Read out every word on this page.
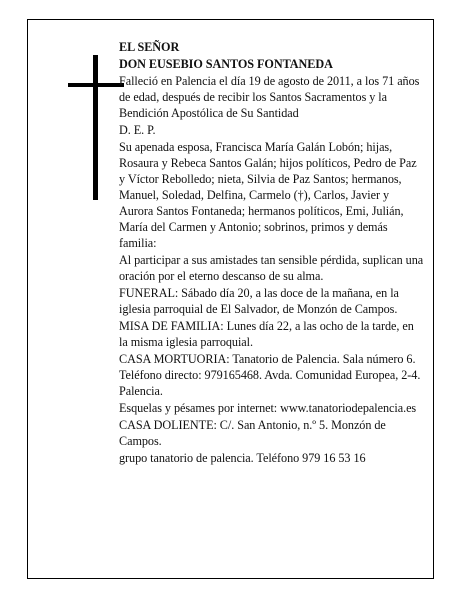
EL SEÑOR

DON EUSEBIO SANTOS FONTANEDA

Falleció en Palencia el día 19 de agosto de 2011, a los 71 años de edad, después de recibir los Santos Sacramentos y la Bendición Apostólica de Su Santidad

D. E. P.

Su apenada esposa, Francisca María Galán Lobón; hijas, Rosaura y Rebeca Santos Galán; hijos políticos, Pedro de Paz y Víctor Rebolledo; nieta, Silvia de Paz Santos; hermanos, Manuel, Soledad, Delfina, Carmelo (†), Carlos, Javier y Aurora Santos Fontaneda; hermanos políticos, Emi, Julián, María del Carmen y Antonio; sobrinos, primos y demás familia:

Al participar a sus amistades tan sensible pérdida, suplican una oración por el eterno descanso de su alma.

FUNERAL: Sábado día 20, a las doce de la mañana, en la iglesia parroquial de El Salvador, de Monzón de Campos.

MISA DE FAMILIA: Lunes día 22, a las ocho de la tarde, en la misma iglesia parroquial.

CASA MORTUORIA: Tanatorio de Palencia. Sala número 6. Teléfono directo: 979165468. Avda. Comunidad Europea, 2-4. Palencia.

Esquelas y pésames por internet: www.tanatoriodepalencia.es

CASA DOLIENTE: C/. San Antonio, n.º 5. Monzón de Campos.

grupo tanatorio de palencia. Teléfono 979 16 53 16
